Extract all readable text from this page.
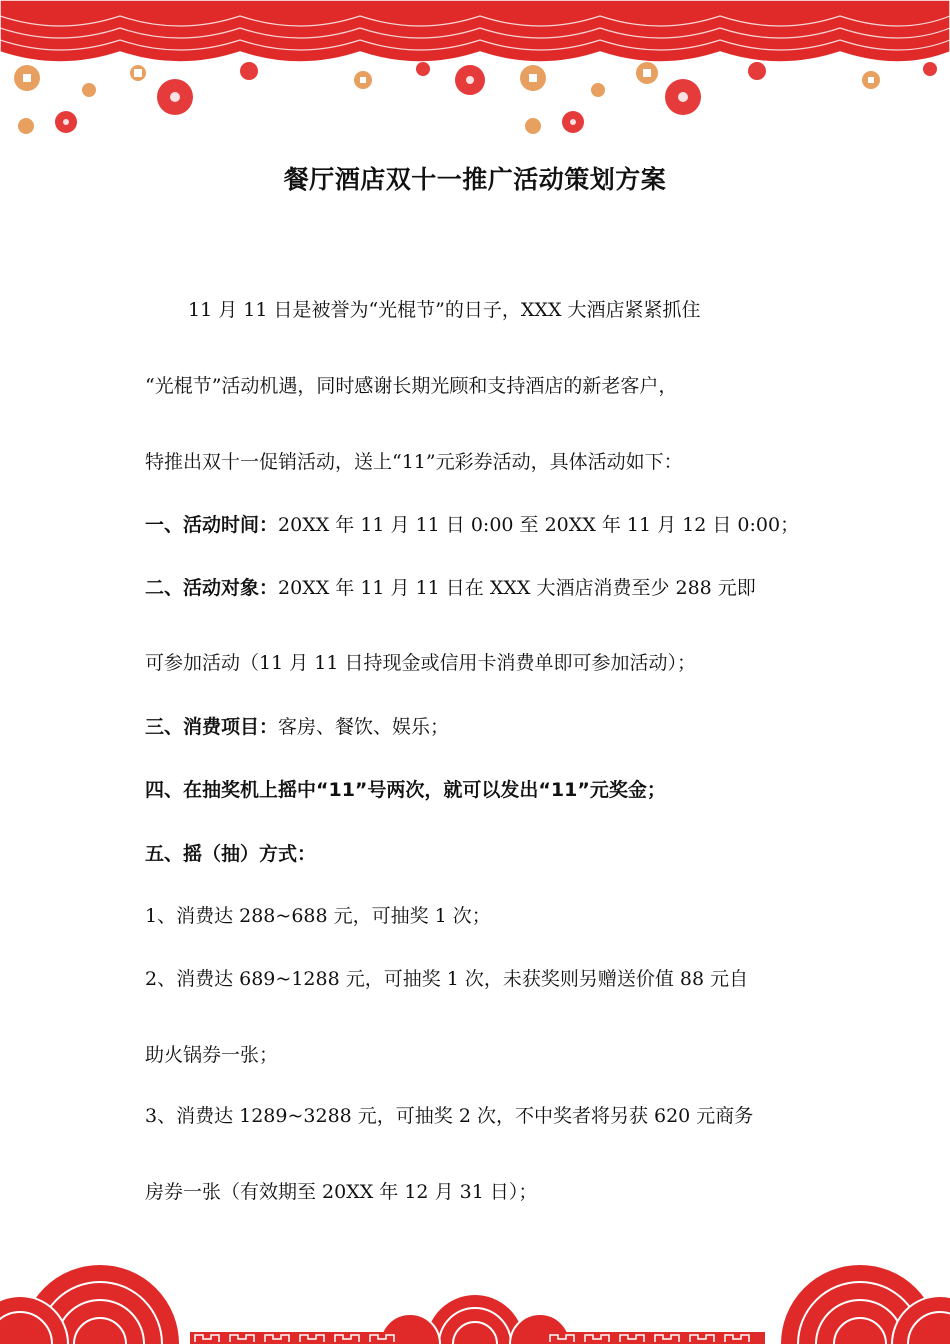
餐厅酒店双十一推广活动策划方案
11 月 11 日是被誉为“光棍节”的日子，XXX 大酒店紧紧抓住
“光棍节”活动机遇，同时感谢长期光顾和支持酒店的新老客户，
特推出双十一促销活动，送上“11”元彩券活动，具体活动如下：
一、活动时间：20XX 年 11 月 11 日 0:00 至 20XX 年 11 月 12 日 0:00；
二、活动对象：20XX 年 11 月 11 日在 XXX 大酒店消费至少 288 元即
可参加活动（11 月 11 日持现金或信用卡消费单即可参加活动）；
三、消费项目：客房、餐饮、娱乐；
四、在抽奖机上摇中“11”号两次，就可以发出“11”元奖金；
五、摇（抽）方式：
1、消费达 288~688 元，可抽奖 1 次；
2、消费达 689~1288 元，可抽奖 1 次，未获奖则另赠送价值 88 元自
助火锅券一张；
3、消费达 1289~3288 元，可抽奖 2 次，不中奖者将另获 620 元商务
房券一张（有效期至 20XX 年 12 月 31 日）；
